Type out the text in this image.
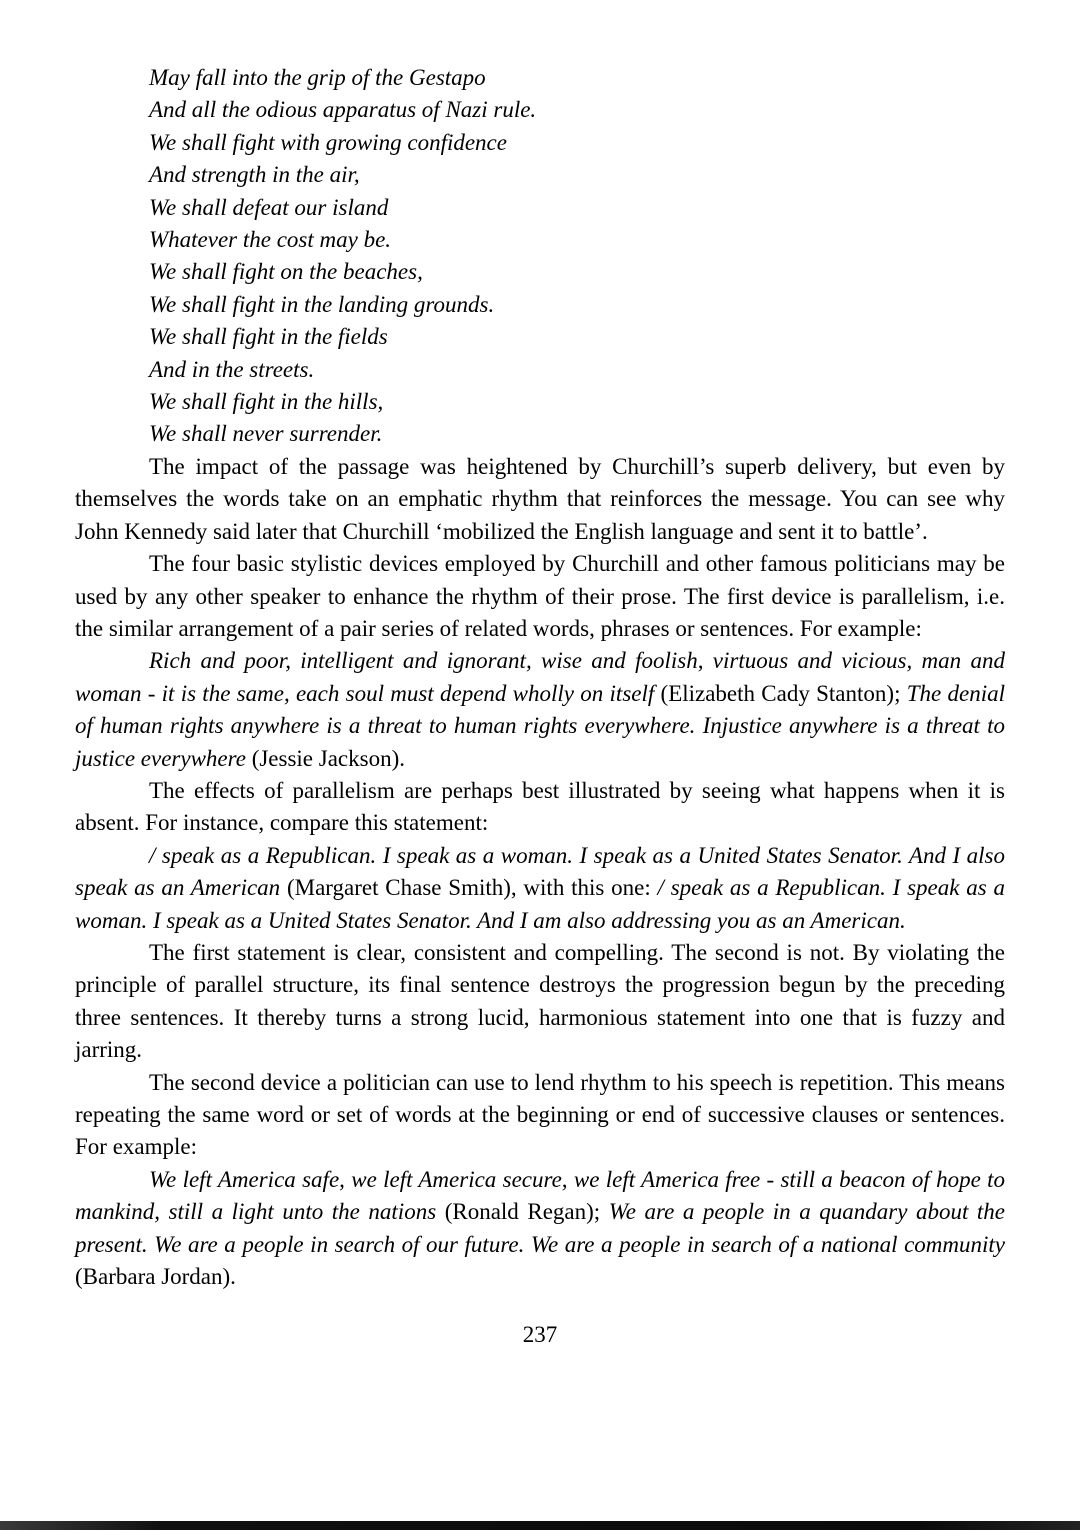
May fall into the grip of the Gestapo
And all the odious apparatus of Nazi rule.
We shall fight with growing confidence
And strength in the air,
We shall defeat our island
Whatever the cost may be.
We shall fight on the beaches,
We shall fight in the landing grounds.
We shall fight in the fields
And in the streets.
We shall fight in the hills,
We shall never surrender.

The impact of the passage was heightened by Churchill’s superb delivery, but even by themselves the words take on an emphatic rhythm that reinforces the message. You can see why John Kennedy said later that Churchill ‘mobilized the English language and sent it to battle’.

The four basic stylistic devices employed by Churchill and other famous politicians may be used by any other speaker to enhance the rhythm of their prose. The first device is parallelism, i.e. the similar arrangement of a pair series of related words, phrases or sentences. For example:

Rich and poor, intelligent and ignorant, wise and foolish, virtuous and vicious, man and woman - it is the same, each soul must depend wholly on itself (Elizabeth Cady Stanton); The denial of human rights anywhere is a threat to human rights everywhere. Injustice anywhere is a threat to justice everywhere (Jessie Jackson).

The effects of parallelism are perhaps best illustrated by seeing what happens when it is absent. For instance, compare this statement:

/ speak as a Republican. I speak as a woman. I speak as a United States Senator. And I also speak as an American (Margaret Chase Smith), with this one: / speak as a Republican. I speak as a woman. I speak as a United States Senator. And I am also addressing you as an American.

The first statement is clear, consistent and compelling. The second is not. By violating the principle of parallel structure, its final sentence destroys the progression begun by the preceding three sentences. It thereby turns a strong lucid, harmonious statement into one that is fuzzy and jarring.

The second device a politician can use to lend rhythm to his speech is repetition. This means repeating the same word or set of words at the beginning or end of successive clauses or sentences. For example:

We left America safe, we left America secure, we left America free - still a beacon of hope to mankind, still a light unto the nations (Ronald Regan); We are a people in a quandary about the present. We are a people in search of our future. We are a people in search of a national community (Barbara Jordan).

237
